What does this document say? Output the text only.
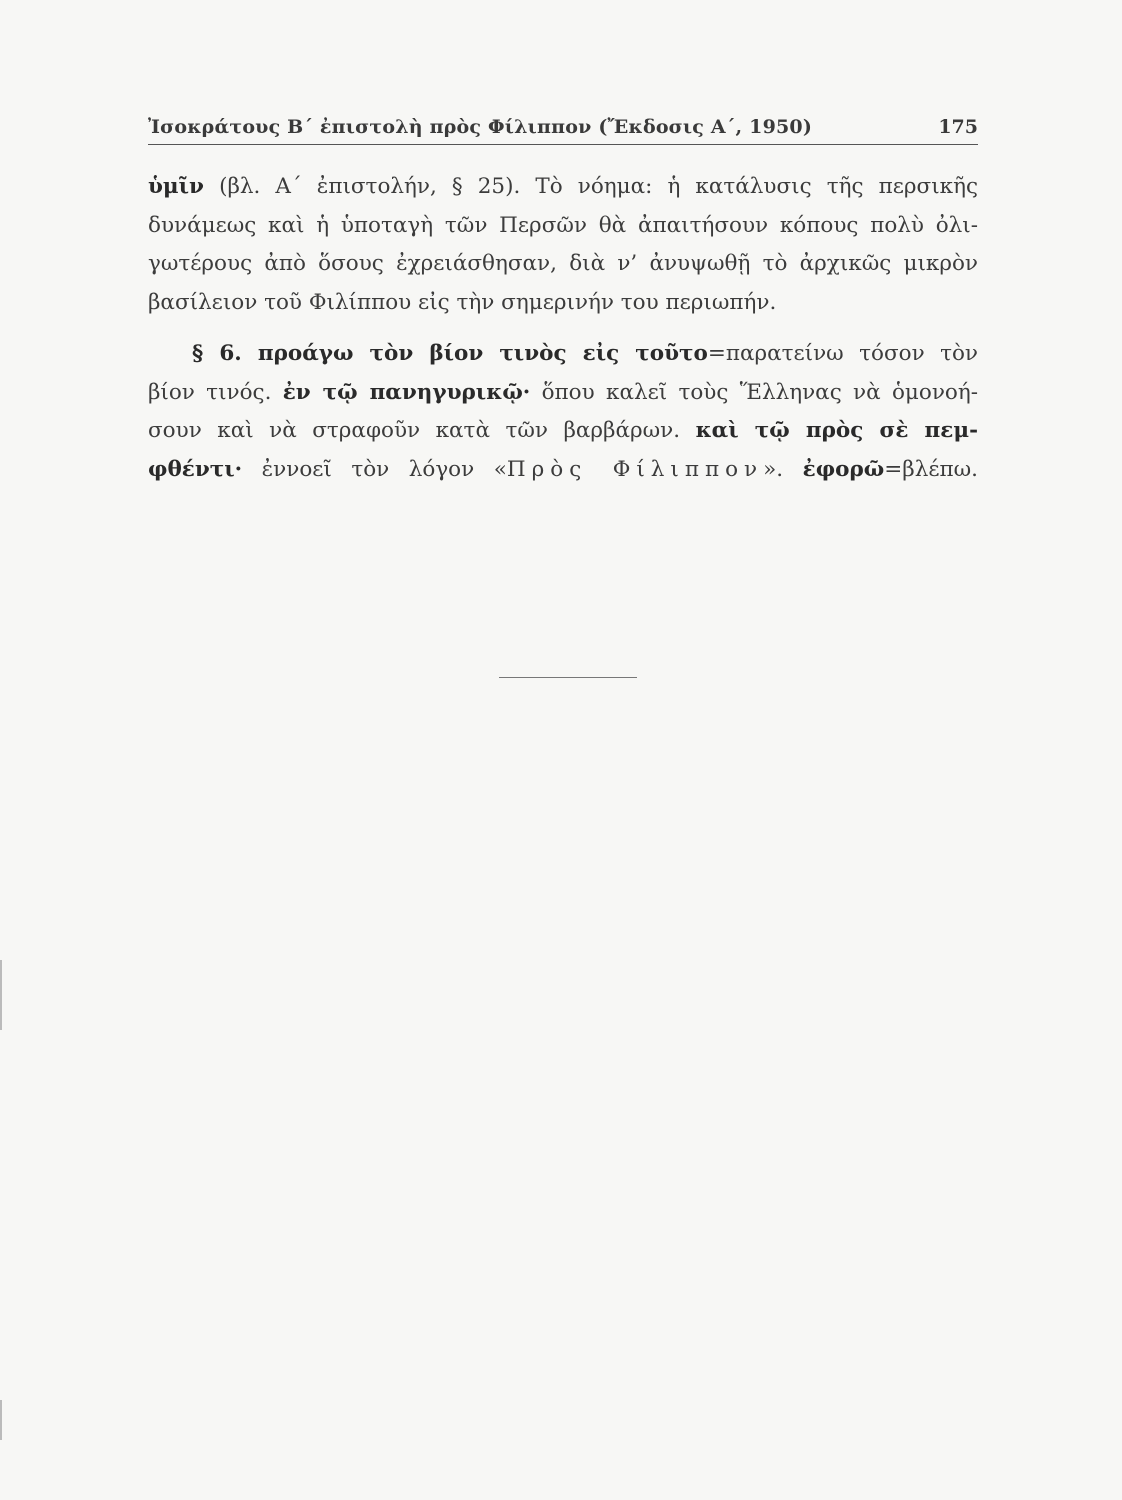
Ἰσοκράτους Β΄ ἐπιστολὴ πρὸς Φίλιππον (Ἔκδοσις Α΄, 1950)	175
ὑμῖν (βλ. Α΄ ἐπιστολήν, § 25). Τὸ νόημα: ἡ κατάλυσις τῆς περσικῆς
δυνάμεως καὶ ἡ ὑποταγὴ τῶν Περσῶν θὰ ἀπαιτήσουν κόπους πολὺ ὀλι-
γωτέρους ἀπὸ ὅσους ἐχρειάσθησαν, διὰ ν’ ἀνυψωθῇ τὸ ἀρχικῶς μικρὸν
βασίλειον τοῦ Φιλίππου εἰς τὴν σημερινήν του περιωπήν.
§ 6. προάγω τὸν βίον τινὸς εἰς τοῦτο=παρατείνω τόσον τὸν
βίον τινός. ἐν τῷ πανηγυρικῷ· ὅπου καλεῖ τοὺς Ἕλληνας νὰ ὁμονοή-
σουν καὶ νὰ στραφοῦν κατὰ τῶν βαρβάρων. καὶ τῷ πρὸς σὲ πεμ-
φθέντι· ἐννοεῖ τὸν λόγον «Πρὸς Φίλιππον». ἐφορῶ=βλέπω.
